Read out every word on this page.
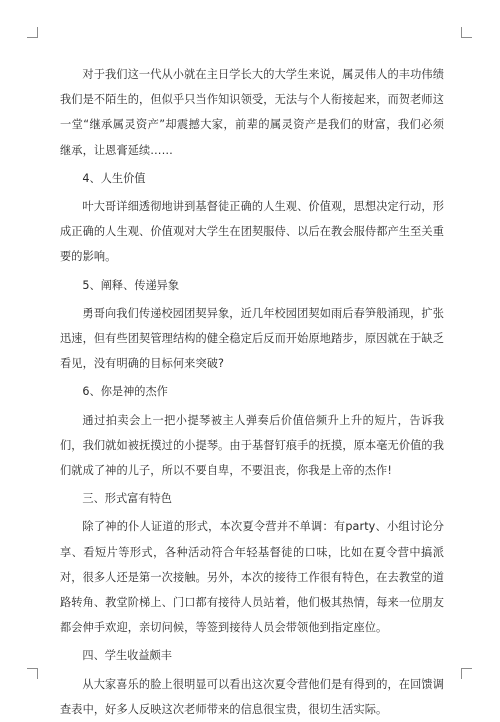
对于我们这一代从小就在主日学长大的大学生来说，属灵伟人的丰功伟绩我们是不陌生的，但似乎只当作知识领受，无法与个人衔接起来，而贺老师这一堂“继承属灵资产”却震撼大家，前辈的属灵资产是我们的财富，我们必须继承，让恩膏延续……

4、人生价值

叶大哥详细透彻地讲到基督徒正确的人生观、价值观，思想决定行动，形成正确的人生观、价值观对大学生在团契服侍、以后在教会服侍都产生至关重要的影响。

5、阐释、传递异象

勇哥向我们传递校园团契异象，近几年校园团契如雨后春笋般涌现，扩张迅速，但有些团契管理结构的健全稳定后反而开始原地踏步，原因就在于缺乏看见，没有明确的目标何来突破?

6、你是神的杰作

通过拍卖会上一把小提琴被主人弹奏后价值倍频升上升的短片，告诉我们，我们就如被抚摸过的小提琴。由于基督钉痕手的抚摸，原本毫无价值的我们就成了神的儿子，所以不要自卑，不要沮丧，你我是上帝的杰作!

三、形式富有特色

除了神的仆人证道的形式，本次夏令营并不单调：有party、小组讨论分享、看短片等形式，各种活动符合年轻基督徒的口味，比如在夏令营中搞派对，很多人还是第一次接触。另外，本次的接待工作很有特色，在去教堂的道路转角、教堂阶梯上、门口都有接待人员站着，他们极其热情，每来一位朋友都会伸手欢迎，亲切问候，等签到接待人员会带领他到指定座位。

四、学生收益颇丰

从大家喜乐的脸上很明显可以看出这次夏令营他们是有得到的，在回馈调查表中，好多人反映这次老师带来的信息很宝贵，很切生活实际。
